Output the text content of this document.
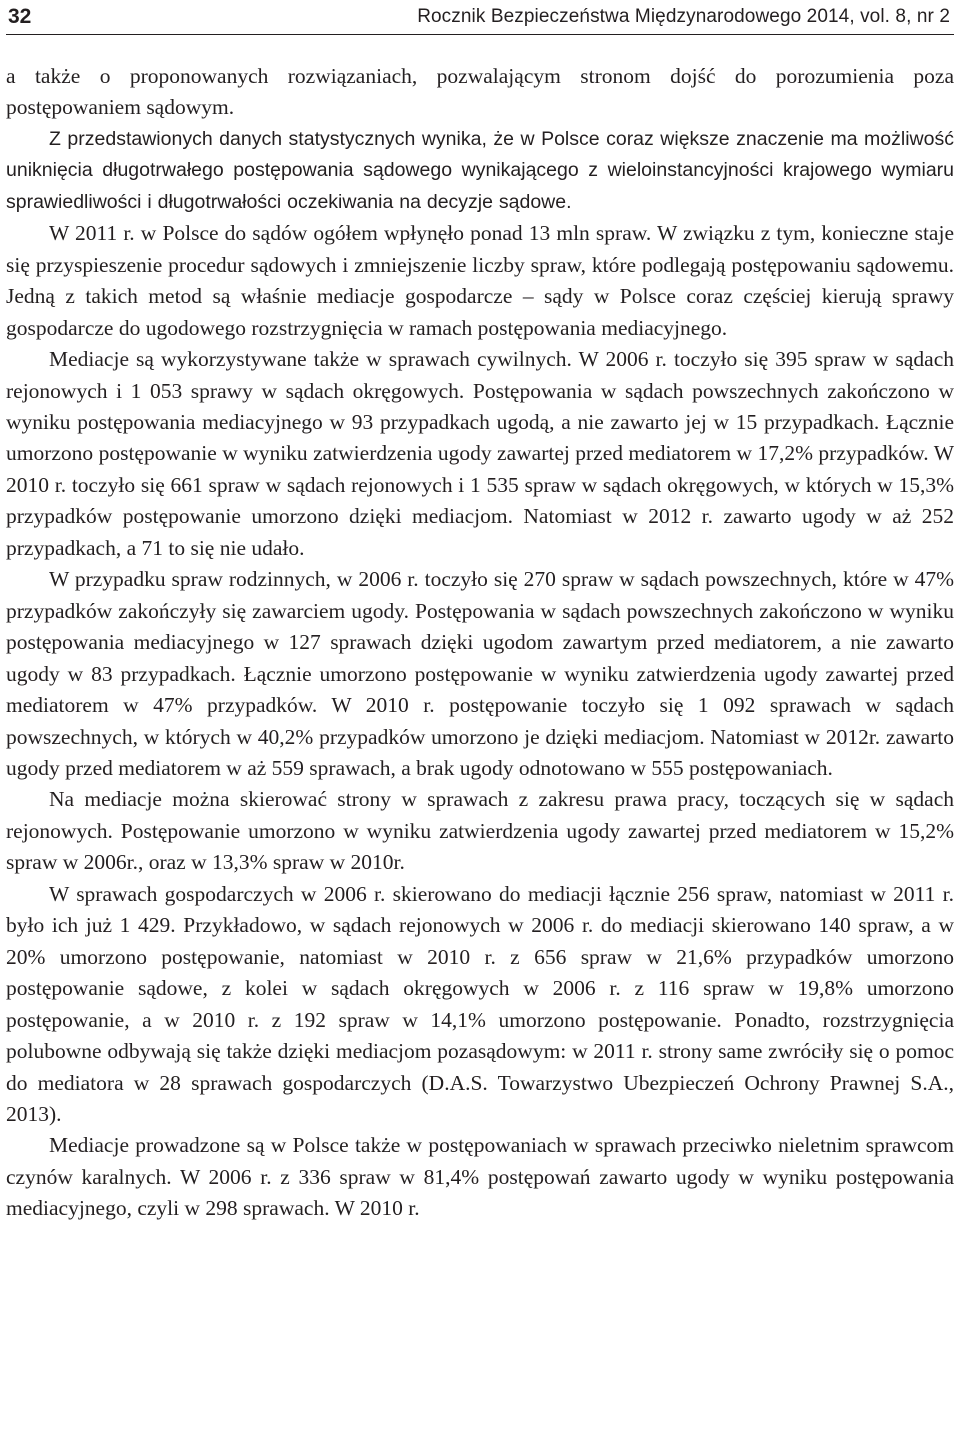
32	Rocznik Bezpieczeństwa Międzynarodowego 2014, vol. 8, nr 2

a także o proponowanych rozwiązaniach, pozwalającym stronom dojść do porozumienia poza postępowaniem sądowym.

Z przedstawionych danych statystycznych wynika, że w Polsce coraz większe znaczenie ma możliwość uniknięcia długotrwałego postępowania sądowego wynikającego z wieloinstancyjności krajowego wymiaru sprawiedliwości i długotrwałości oczekiwania na decyzje sądowe.

W 2011 r. w Polsce do sądów ogółem wpłynęło ponad 13 mln spraw. W związku z tym, konieczne staje się przyspieszenie procedur sądowych i zmniejszenie liczby spraw, które podlegają postępowaniu sądowemu. Jedną z takich metod są właśnie mediacje gospodarcze – sądy w Polsce coraz częściej kierują sprawy gospodarcze do ugodowego rozstrzygnięcia w ramach postępowania mediacyjnego.

Mediacje są wykorzystywane także w sprawach cywilnych. W 2006 r. toczyło się 395 spraw w sądach rejonowych i 1 053 sprawy w sądach okręgowych. Postępowania w sądach powszechnych zakończono w wyniku postępowania mediacyjnego w 93 przypadkach ugodą, a nie zawarto jej w 15 przypadkach. Łącznie umorzono postępowanie w wyniku zatwierdzenia ugody zawartej przed mediatorem w 17,2% przypadków. W 2010 r. toczyło się 661 spraw w sądach rejonowych i 1 535 spraw w sądach okręgowych, w których w 15,3% przypadków postępowanie umorzono dzięki mediacjom. Natomiast w 2012 r. zawarto ugody w aż 252 przypadkach, a 71 to się nie udało.

W przypadku spraw rodzinnych, w 2006 r. toczyło się 270 spraw w sądach powszechnych, które w 47% przypadków zakończyły się zawarciem ugody. Postępowania w sądach powszechnych zakończono w wyniku postępowania mediacyjnego w 127 sprawach dzięki ugodom zawartym przed mediatorem, a nie zawarto ugody w 83 przypadkach. Łącznie umorzono postępowanie w wyniku zatwierdzenia ugody zawartej przed mediatorem w 47% przypadków. W 2010 r. postępowanie toczyło się 1 092 sprawach w sądach powszechnych, w których w 40,2% przypadków umorzono je dzięki mediacjom. Natomiast w 2012r. zawarto ugody przed mediatorem w aż 559 sprawach, a brak ugody odnotowano w 555 postępowaniach.

Na mediacje można skierować strony w sprawach z zakresu prawa pracy, toczących się w sądach rejonowych. Postępowanie umorzono w wyniku zatwierdzenia ugody zawartej przed mediatorem w 15,2% spraw w 2006r., oraz w 13,3% spraw w 2010r.

W sprawach gospodarczych w 2006 r. skierowano do mediacji łącznie 256 spraw, natomiast w 2011 r. było ich już 1 429. Przykładowo, w sądach rejonowych w 2006 r. do mediacji skierowano 140 spraw, a w 20% umorzono postępowanie, natomiast w 2010 r. z 656 spraw w 21,6% przypadków umorzono postępowanie sądowe, z kolei w sądach okręgowych w 2006 r. z 116 spraw w 19,8% umorzono postępowanie, a w 2010 r. z 192 spraw w 14,1% umorzono postępowanie. Ponadto, rozstrzygnięcia polubowne odbywają się także dzięki mediacjom pozasądowym: w 2011 r. strony same zwróciły się o pomoc do mediatora w 28 sprawach gospodarczych (D.A.S. Towarzystwo Ubezpieczeń Ochrony Prawnej S.A., 2013).

Mediacje prowadzone są w Polsce także w postępowaniach w sprawach przeciwko nieletnim sprawcom czynów karalnych. W 2006 r. z 336 spraw w 81,4% postępowań zawarto ugody w wyniku postępowania mediacyjnego, czyli w 298 sprawach. W 2010 r.
